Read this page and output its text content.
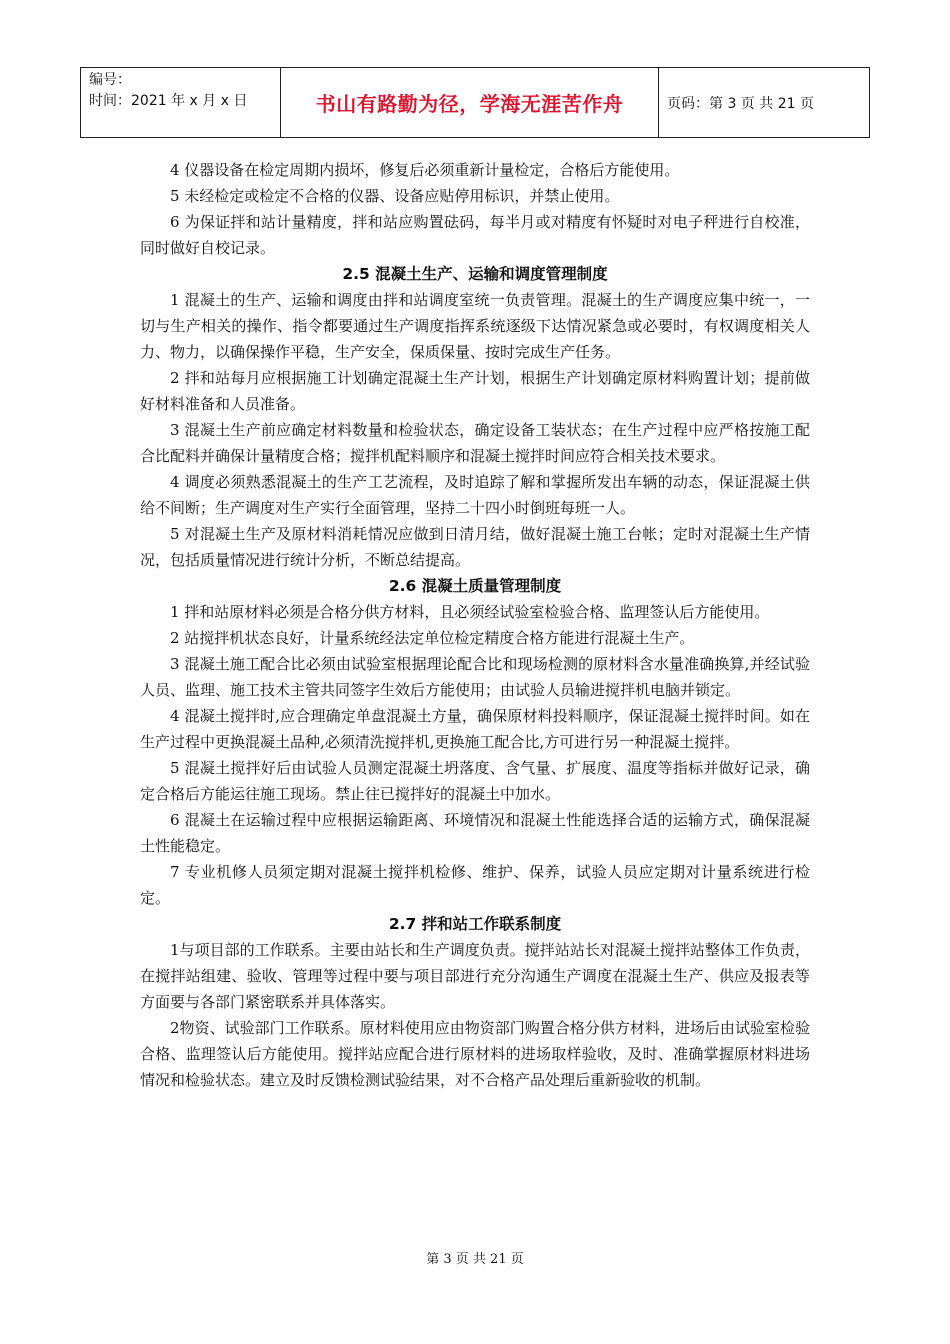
编号：
时间：2021 年 x 月 x 日	书山有路勤为径，学海无涯苦作舟	页码：第 3 页 共 21 页

4 仪器设备在检定周期内损坏，修复后必须重新计量检定，合格后方能使用。

5 未经检定或检定不合格的仪器、设备应贴停用标识，并禁止使用。

6 为保证拌和站计量精度，拌和站应购置砝码，每半月或对精度有怀疑时对电子秤进行自校准，同时做好自校记录。

2.5 混凝土生产、运输和调度管理制度

1 混凝土的生产、运输和调度由拌和站调度室统一负责管理。混凝土的生产调度应集中统一，一切与生产相关的操作、指令都要通过生产调度指挥系统逐级下达情况紧急或必要时，有权调度相关人力、物力，以确保操作平稳，生产安全，保质保量、按时完成生产任务。

2 拌和站每月应根据施工计划确定混凝土生产计划，根据生产计划确定原材料购置计划；提前做好材料准备和人员准备。

3 混凝土生产前应确定材料数量和检验状态，确定设备工装状态；在生产过程中应严格按施工配合比配料并确保计量精度合格；搅拌机配料顺序和混凝土搅拌时间应符合相关技术要求。

4 调度必须熟悉混凝土的生产工艺流程，及时追踪了解和掌握所发出车辆的动态，保证混凝土供给不间断；生产调度对生产实行全面管理，坚持二十四小时倒班每班一人。

5 对混凝土生产及原材料消耗情况应做到日清月结，做好混凝土施工台帐；定时对混凝土生产情况，包括质量情况进行统计分析，不断总结提高。

2.6 混凝土质量管理制度

1 拌和站原材料必须是合格分供方材料，且必须经试验室检验合格、监理签认后方能使用。

2 站搅拌机状态良好，计量系统经法定单位检定精度合格方能进行混凝土生产。

3 混凝土施工配合比必须由试验室根据理论配合比和现场检测的原材料含水量准确换算,并经试验人员、监理、施工技术主管共同签字生效后方能使用；由试验人员输进搅拌机电脑并锁定。

4 混凝土搅拌时,应合理确定单盘混凝土方量，确保原材料投料顺序，保证混凝土搅拌时间。如在生产过程中更换混凝土品种,必须清洗搅拌机,更换施工配合比,方可进行另一种混凝土搅拌。

5 混凝土搅拌好后由试验人员测定混凝土坍落度、含气量、扩展度、温度等指标并做好记录，确定合格后方能运往施工现场。禁止往已搅拌好的混凝土中加水。

6 混凝土在运输过程中应根据运输距离、环境情况和混凝土性能选择合适的运输方式，确保混凝土性能稳定。

7 专业机修人员须定期对混凝土搅拌机检修、维护、保养，试验人员应定期对计量系统进行检定。

2.7 拌和站工作联系制度

1与项目部的工作联系。主要由站长和生产调度负责。搅拌站站长对混凝土搅拌站整体工作负责，在搅拌站组建、验收、管理等过程中要与项目部进行充分沟通生产调度在混凝土生产、供应及报表等方面要与各部门紧密联系并具体落实。

2物资、试验部门工作联系。原材料使用应由物资部门购置合格分供方材料，进场后由试验室检验合格、监理签认后方能使用。搅拌站应配合进行原材料的进场取样验收，及时、准确掌握原材料进场情况和检验状态。建立及时反馈检测试验结果，对不合格产品处理后重新验收的机制。

第 3 页 共 21 页
